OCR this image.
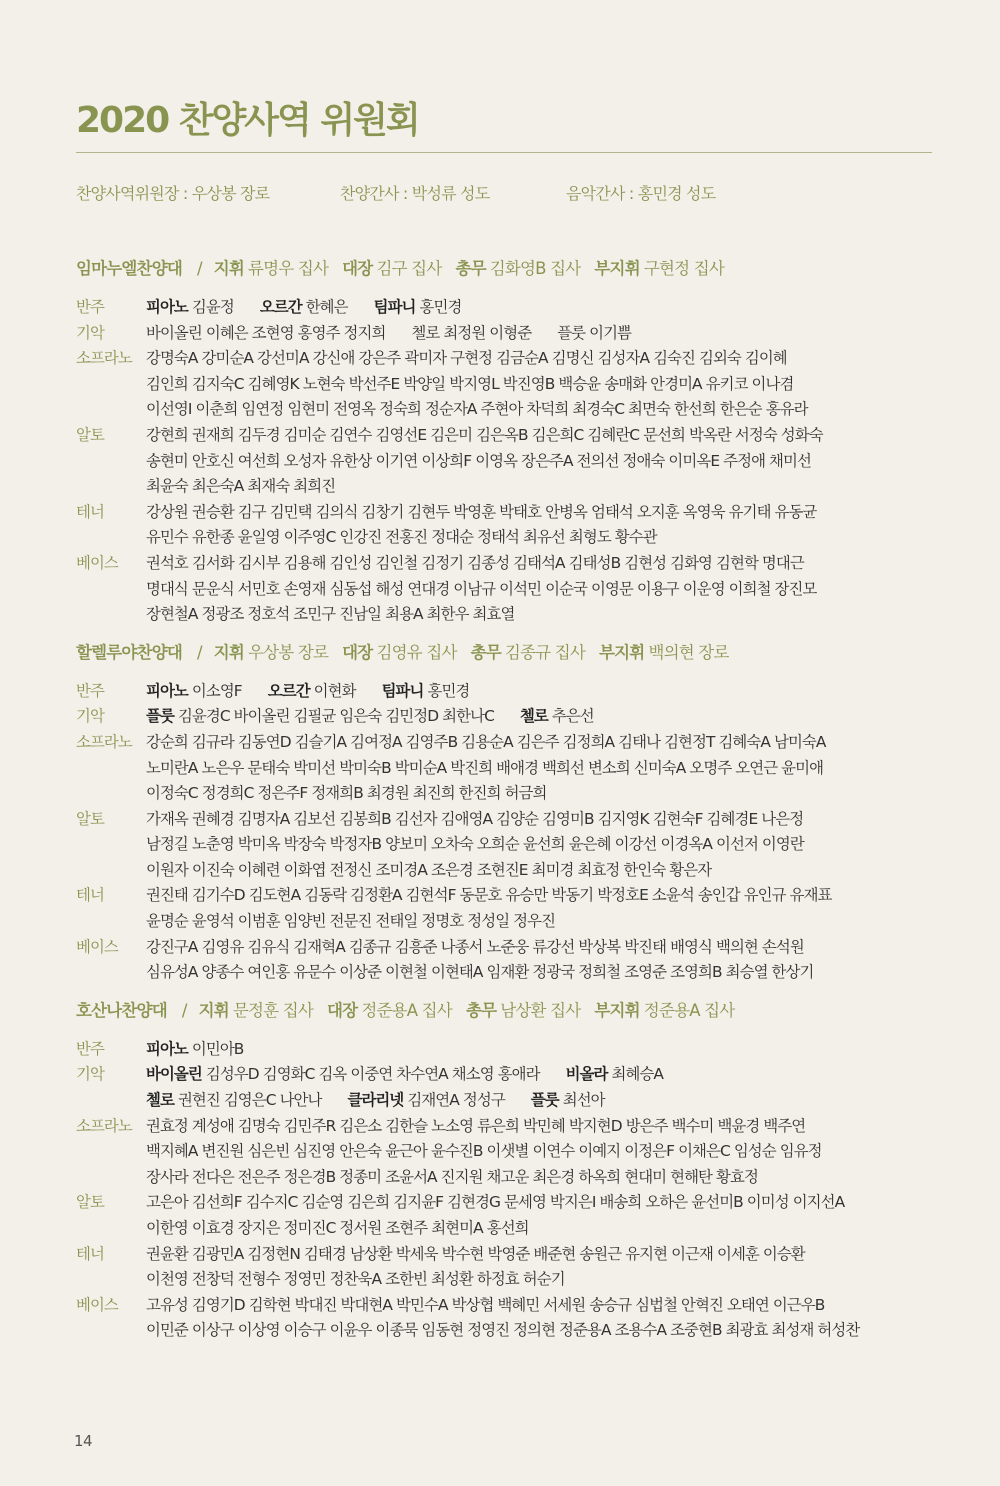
2020 찬양사역 위원회
찬양사역위원장 : 우상봉 장로	찬양간사 : 박성류 성도	음악간사 : 홍민경 성도
임마누엘찬양대 / 지휘 류명우 집사 대장 김구 집사 총무 김화영B 집사 부지휘 구현정 집사
반주	피아노 김윤정 오르간 한혜은 팀파니 홍민경
기악	바이올린 이혜은 조현영 홍영주 정지희 첼로 최정원 이형준 플룻 이기쁨
소프라노 강명숙A 강미순A 강선미A 강신애 강은주 곽미자 구현정 김금순A 김명신 김성자A 김숙진 김외숙 김이혜
김인희 김지숙C 김혜영K 노현숙 박선주E 박양일 박지영L 박진영B 백승윤 송매화 안경미A 유키코 이나겸
이선영I 이춘희 임연정 임현미 전영옥 정숙희 정순자A 주현아 차덕희 최경숙C 최면숙 한선희 한은순 홍유라
알토	강현희 권재희 김두경 김미순 김연수 김영선E 김은미 김은옥B 김은희C 김혜란C 문선희 박옥란 서정숙 성화숙
송현미 안호신 여선희 오성자 유한상 이기연 이상희F 이영옥 장은주A 전의선 정애숙 이미옥E 주정애 채미선
최윤숙 최은숙A 최재숙 최희진
테너	강상원 권승환 김구 김민택 김의식 김창기 김현두 박영훈 박태호 안병옥 엄태석 오지훈 옥영욱 유기태 유동균
유민수 유한종 윤일영 이주영C 인강진 전홍진 정대순 정태석 최유선 최형도 황수관
베이스	권석호 김서화 김시부 김용해 김인성 김인철 김정기 김종성 김태석A 김태성B 김현성 김화영 김현학 명대근
명대식 문운식 서민호 손영재 심동섭 해성 연대경 이남규 이석민 이순국 이영문 이용구 이운영 이희철 장진모
장현철A 정광조 정호석 조민구 진남일 최용A 최한우 최효열
할렐루야찬양대 / 지휘 우상봉 장로 대장 김영유 집사 총무 김종규 집사 부지휘 백의현 장로
반주	피아노 이소영F 오르간 이현화 팀파니 홍민경
기악	플룻 김윤경C 바이올린 김필균 임은숙 김민정D 최한나C 첼로 추은선
소프라노 강순희 김규라 김동연D 김슬기A 김여정A 김영주B 김용순A 김은주 김정희A 김태나 김현정T 김혜숙A 남미숙A
노미란A 노은우 문태숙 박미선 박미숙B 박미순A 박진희 배애경 백희선 변소희 신미숙A 오명주 오연근 윤미애
이정숙C 정경희C 정은주F 정재희B 최경원 최진희 한진희 허금희
알토	가재옥 권혜경 김명자A 김보선 김봉희B 김선자 김애영A 김양순 김영미B 김지영K 김현숙F 김혜경E 나은정
남정길 노춘영 박미옥 박장숙 박정자B 양보미 오차숙 오희순 윤선희 윤은혜 이강선 이경옥A 이선저 이영란
이원자 이진숙 이혜련 이화엽 전정신 조미경A 조은경 조현진E 최미경 최효정 한인숙 황은자
테너	권진태 김기수D 김도현A 김동락 김정환A 김현석F 동문호 유승만 박동기 박정호E 소윤석 송인갑 유인규 유재표
윤명순 윤영석 이범훈 임양빈 전문진 전태일 정명호 정성일 정우진
베이스	강진구A 김영유 김유식 김재혁A 김종규 김흥준 나종서 노준웅 류강선 박상복 박진태 배영식 백의현 손석원
심유성A 양종수 여인홍 유문수 이상준 이현철 이현태A 임재환 정광국 정희철 조영준 조영희B 최승열 한상기
호산나찬양대 / 지휘 문정훈 집사 대장 정준용A 집사 총무 남상환 집사 부지휘 정준용A 집사
반주	피아노 이민아B
기악	바이올린 김성우D 김영화C 김옥 이중연 차수연A 채소영 홍애라 비올라 최혜승A
첼로 권현진 김영은C 나안나 클라리넷 김재연A 정성구 플룻 최선아
소프라노 권효정 계성애 김명숙 김민주R 김은소 김한슬 노소영 류은희 박민혜 박지현D 방은주 백수미 백윤경 백주연
백지혜A 변진원 심은빈 심진영 안은숙 윤근아 윤수진B 이샛별 이연수 이예지 이정은F 이채은C 임성순 임유정
장사라 전다은 전은주 정은경B 정종미 조윤서A 진지원 채고운 최은경 하옥희 현대미 현해탄 황효정
알토	고은아 김선희F 김수지C 김순영 김은희 김지윤F 김현경G 문세영 박지은I 배송희 오하은 윤선미B 이미성 이지선A
이한영 이효경 장지은 정미진C 정서원 조현주 최현미A 홍선희
테너	권윤환 김광민A 김정현N 김태경 남상환 박세욱 박수현 박영준 배준현 송원근 유지현 이근재 이세훈 이승환
이천영 전창덕 전형수 정영민 정찬욱A 조한빈 최성환 하정효 허순기
베이스	고유성 김영기D 김학현 박대진 박대현A 박민수A 박상협 백혜민 서세원 송승규 심법철 안혁진 오태연 이근우B
이민준 이상구 이상영 이승구 이윤우 이종묵 임동현 정영진 정의현 정준용A 조용수A 조중현B 최광효 최성재 허성찬
14
